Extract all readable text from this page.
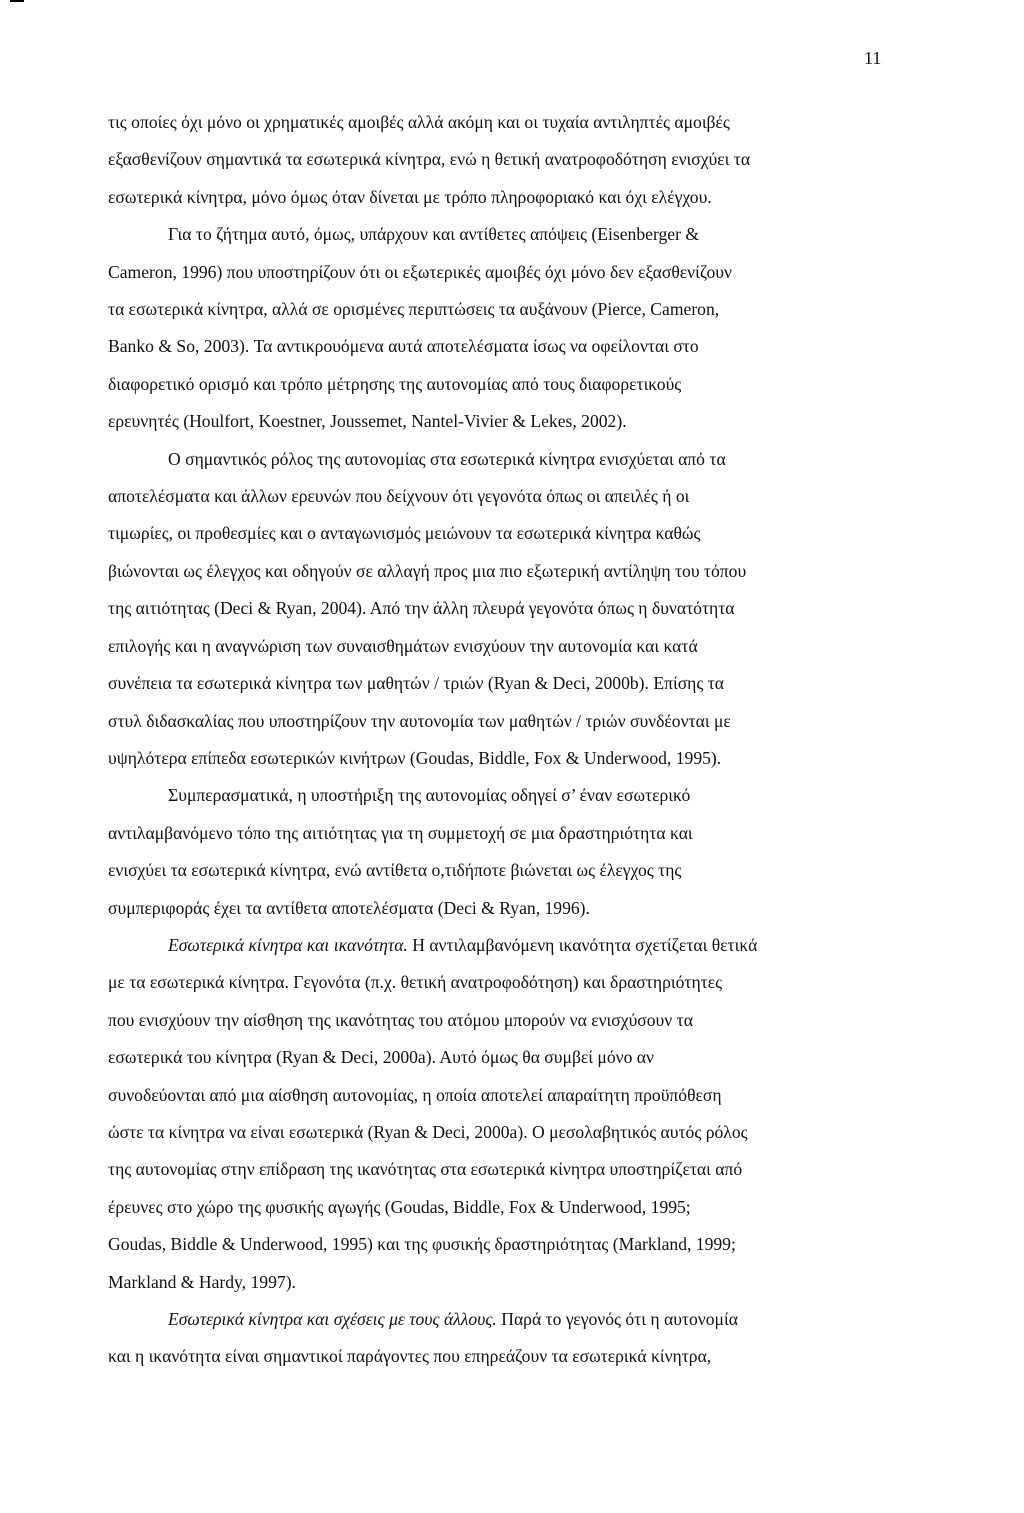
11
τις οποίες όχι μόνο οι χρηματικές αμοιβές αλλά ακόμη και οι τυχαία αντιληπτές αμοιβές
εξασθενίζουν σημαντικά τα εσωτερικά κίνητρα, ενώ η θετική ανατροφοδότηση ενισχύει τα
εσωτερικά κίνητρα, μόνο όμως όταν δίνεται με τρόπο πληροφοριακό και όχι ελέγχου.
Για το ζήτημα αυτό, όμως, υπάρχουν και αντίθετες απόψεις (Eisenberger &
Cameron, 1996) που υποστηρίζουν ότι οι εξωτερικές αμοιβές όχι μόνο δεν εξασθενίζουν
τα εσωτερικά κίνητρα, αλλά σε ορισμένες περιπτώσεις τα αυξάνουν (Pierce, Cameron,
Banko & So, 2003). Τα αντικρουόμενα αυτά αποτελέσματα ίσως να οφείλονται στο
διαφορετικό ορισμό και τρόπο μέτρησης της αυτονομίας από τους διαφορετικούς
ερευνητές (Houlfort, Koestner, Joussemet, Nantel-Vivier & Lekes, 2002).
Ο σημαντικός ρόλος της αυτονομίας στα εσωτερικά κίνητρα ενισχύεται από τα
αποτελέσματα και άλλων ερευνών που δείχνουν ότι γεγονότα όπως οι απειλές ή οι
τιμωρίες, οι προθεσμίες και ο ανταγωνισμός μειώνουν τα εσωτερικά κίνητρα καθώς
βιώνονται ως έλεγχος και οδηγούν σε αλλαγή προς μια πιο εξωτερική αντίληψη του τόπου
της αιτιότητας (Deci & Ryan, 2004). Από την άλλη πλευρά γεγονότα όπως η δυνατότητα
επιλογής και η αναγνώριση των συναισθημάτων ενισχύουν την αυτονομία και κατά
συνέπεια τα εσωτερικά κίνητρα των μαθητών / τριών (Ryan & Deci, 2000b). Επίσης τα
στυλ διδασκαλίας που υποστηρίζουν την αυτονομία των μαθητών / τριών συνδέονται με
υψηλότερα επίπεδα εσωτερικών κινήτρων (Goudas, Biddle, Fox & Underwood, 1995).
Συμπερασματικά, η υποστήριξη της αυτονομίας οδηγεί σ’ έναν εσωτερικό
αντιλαμβανόμενο τόπο της αιτιότητας για τη συμμετοχή σε μια δραστηριότητα και
ενισχύει τα εσωτερικά κίνητρα, ενώ αντίθετα ο,τιδήποτε βιώνεται ως έλεγχος της
συμπεριφοράς έχει τα αντίθετα αποτελέσματα (Deci & Ryan, 1996).
Εσωτερικά κίνητρα και ικανότητα. Η αντιλαμβανόμενη ικανότητα σχετίζεται θετικά
με τα εσωτερικά κίνητρα. Γεγονότα (π.χ. θετική ανατροφοδότηση) και δραστηριότητες
που ενισχύουν την αίσθηση της ικανότητας του ατόμου μπορούν να ενισχύσουν τα
εσωτερικά του κίνητρα (Ryan & Deci, 2000a). Αυτό όμως θα συμβεί μόνο αν
συνοδεύονται από μια αίσθηση αυτονομίας, η οποία αποτελεί απαραίτητη προϋπόθεση
ώστε τα κίνητρα να είναι εσωτερικά (Ryan & Deci, 2000a). Ο μεσολαβητικός αυτός ρόλος
της αυτονομίας στην επίδραση της ικανότητας στα εσωτερικά κίνητρα υποστηρίζεται από
έρευνες στο χώρο της φυσικής αγωγής (Goudas, Biddle, Fox & Underwood, 1995;
Goudas, Biddle & Underwood, 1995) και της φυσικής δραστηριότητας (Markland, 1999;
Markland & Hardy, 1997).
Εσωτερικά κίνητρα και σχέσεις με τους άλλους. Παρά το γεγονός ότι η αυτονομία
και η ικανότητα είναι σημαντικοί παράγοντες που επηρεάζουν τα εσωτερικά κίνητρα,
